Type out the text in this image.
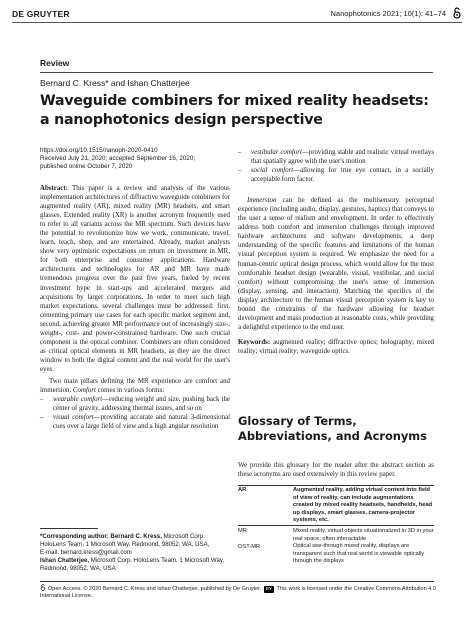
DE GRUYTER	Nanophotonics 2021; 10(1): 41–74
Review
Bernard C. Kress* and Ishan Chatterjee
Waveguide combiners for mixed reality headsets:
a nanophotonics design perspective
https://doi.org/10.1515/nanoph-2020-0410
Received July 21, 2020; accepted September 16, 2020;
published online October 7, 2020

Abstract: This paper is a review and analysis of the various implementation architectures of diffractive waveguide combiners for augmented reality (AR), mixed reality (MR) headsets, and smart glasses. Extended reality (XR) is another acronym frequently used to refer to all variants across the MR spectrum. Such devices have the potential to revolutionize how we work, communicate, travel, learn, teach, shop, and are entertained. Already, market analysts show very optimistic expectations on return on investment in MR, for both enterprise and consumer applications. Hardware architectures and technologies for AR and MR have made tremendous progress over the past five years, fueled by recent investment hype in start-ups and accelerated mergers and acquisitions by larger corporations. In order to meet such high market expectations, several challenges must be addressed: first, cementing primary use cases for each specific market segment and, second, achieving greater MR performance out of increasingly size-, weight-, cost- and power-constrained hardware. One such crucial component is the optical combiner. Combiners are often considered as critical optical elements in MR headsets, as they are the direct window to both the digital content and the real world for the user's eyes.

Two main pillars defining the MR experience are comfort and immersion. Comfort comes in various forms:

– wearable comfort—reducing weight and size, pushing back the center of gravity, addressing thermal issues, and so on
– visual comfort—providing accurate and natural 3-dimensional cues over a large field of view and a high angular resolution
– vestibular comfort—providing stable and realistic virtual overlays that spatially agree with the user's motion
– social comfort—allowing for true eye contact, in a socially acceptable form factor.

Immersion can be defined as the multisensory perceptual experience (including audio, display, gestures, haptics) that conveys to the user a sense of realism and envelopment. In order to effectively address both comfort and immersion challenges through improved hardware architectures and software developments, a deep understanding of the specific features and limitations of the human visual perception system is required. We emphasize the need for a human-centric optical design process, which would allow for the most comfortable headset design (wearable, visual, vestibular, and social comfort) without compromising the user's sense of immersion (display, sensing, and interaction). Matching the specifics of the display architecture to the human visual perception system is key to bound the constraints of the hardware allowing for headset development and mass production at reasonable costs, while providing a delightful experience to the end user.

Keywords: augmented reality; diffractive optics; holography; mixed reality; virtual reality; waveguide optics.

Glossary of Terms, Abbreviations, and Acronyms

We provide this glossary for the reader after the abstract section as these acronyms are used extensively in this review paper.

AR	Augmented reality, adding virtual content into field of view of reality, can include augmentations created by mixed reality headsets, handhelds, head up displays, smart glasses, camera-projector systems, etc.
MR	Mixed reality, virtual objects situationalized in 3D in your real space, often interactable
OST-MR	Optical see-through mixed reality, displays are transparent such that real world is viewable optically through the displays
*Corresponding author: Bernard C. Kress, Microsoft Corp. HoloLens Team, 1 Microsoft Way, Redmond, 98052, WA, USA,
E-mail: bernard.kress@gmail.com
Ishan Chatterjee, Microsoft Corp. HoloLens Team, 1 Microsoft Way, Redmond, 98052, WA, USA
Open Access. © 2020 Bernard C. Kress and Ishan Chatterjee, published by De Gruyter. BY This work is licensed under the Creative Commons Attribution 4.0 International License.
